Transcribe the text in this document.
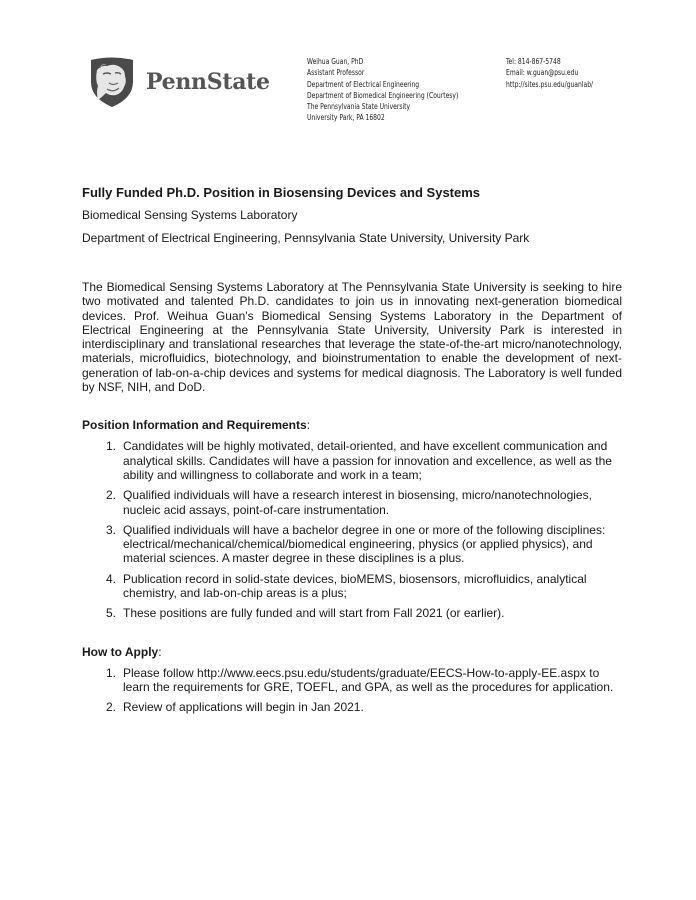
PennState
Weihua Guan, PhD
Assistant Professor
Department of Electrical Engineering
Department of Biomedical Engineering (Courtesy)
The Pennsylvania State University
University Park, PA 16802
Tel: 814-867-5748
Email: w.guan@psu.edu
http://sites.psu.edu/guanlab/

Fully Funded Ph.D. Position in Biosensing Devices and Systems

Biomedical Sensing Systems Laboratory

Department of Electrical Engineering, Pennsylvania State University, University Park

The Biomedical Sensing Systems Laboratory at The Pennsylvania State University is seeking to hire two motivated and talented Ph.D. candidates to join us in innovating next-generation biomedical devices. Prof. Weihua Guan's Biomedical Sensing Systems Laboratory in the Department of Electrical Engineering at the Pennsylvania State University, University Park is interested in interdisciplinary and translational researches that leverage the state-of-the-art micro/nanotechnology, materials, microfluidics, biotechnology, and bioinstrumentation to enable the development of next-generation of lab-on-a-chip devices and systems for medical diagnosis. The Laboratory is well funded by NSF, NIH, and DoD.

Position Information and Requirements:

1. Candidates will be highly motivated, detail-oriented, and have excellent communication and analytical skills. Candidates will have a passion for innovation and excellence, as well as the ability and willingness to collaborate and work in a team;
2. Qualified individuals will have a research interest in biosensing, micro/nanotechnologies, nucleic acid assays, point-of-care instrumentation.
3. Qualified individuals will have a bachelor degree in one or more of the following disciplines: electrical/mechanical/chemical/biomedical engineering, physics (or applied physics), and material sciences. A master degree in these disciplines is a plus.
4. Publication record in solid-state devices, bioMEMS, biosensors, microfluidics, analytical chemistry, and lab-on-chip areas is a plus;
5. These positions are fully funded and will start from Fall 2021 (or earlier).

How to Apply:

1. Please follow http://www.eecs.psu.edu/students/graduate/EECS-How-to-apply-EE.aspx to learn the requirements for GRE, TOEFL, and GPA, as well as the procedures for application.
2. Review of applications will begin in Jan 2021.
